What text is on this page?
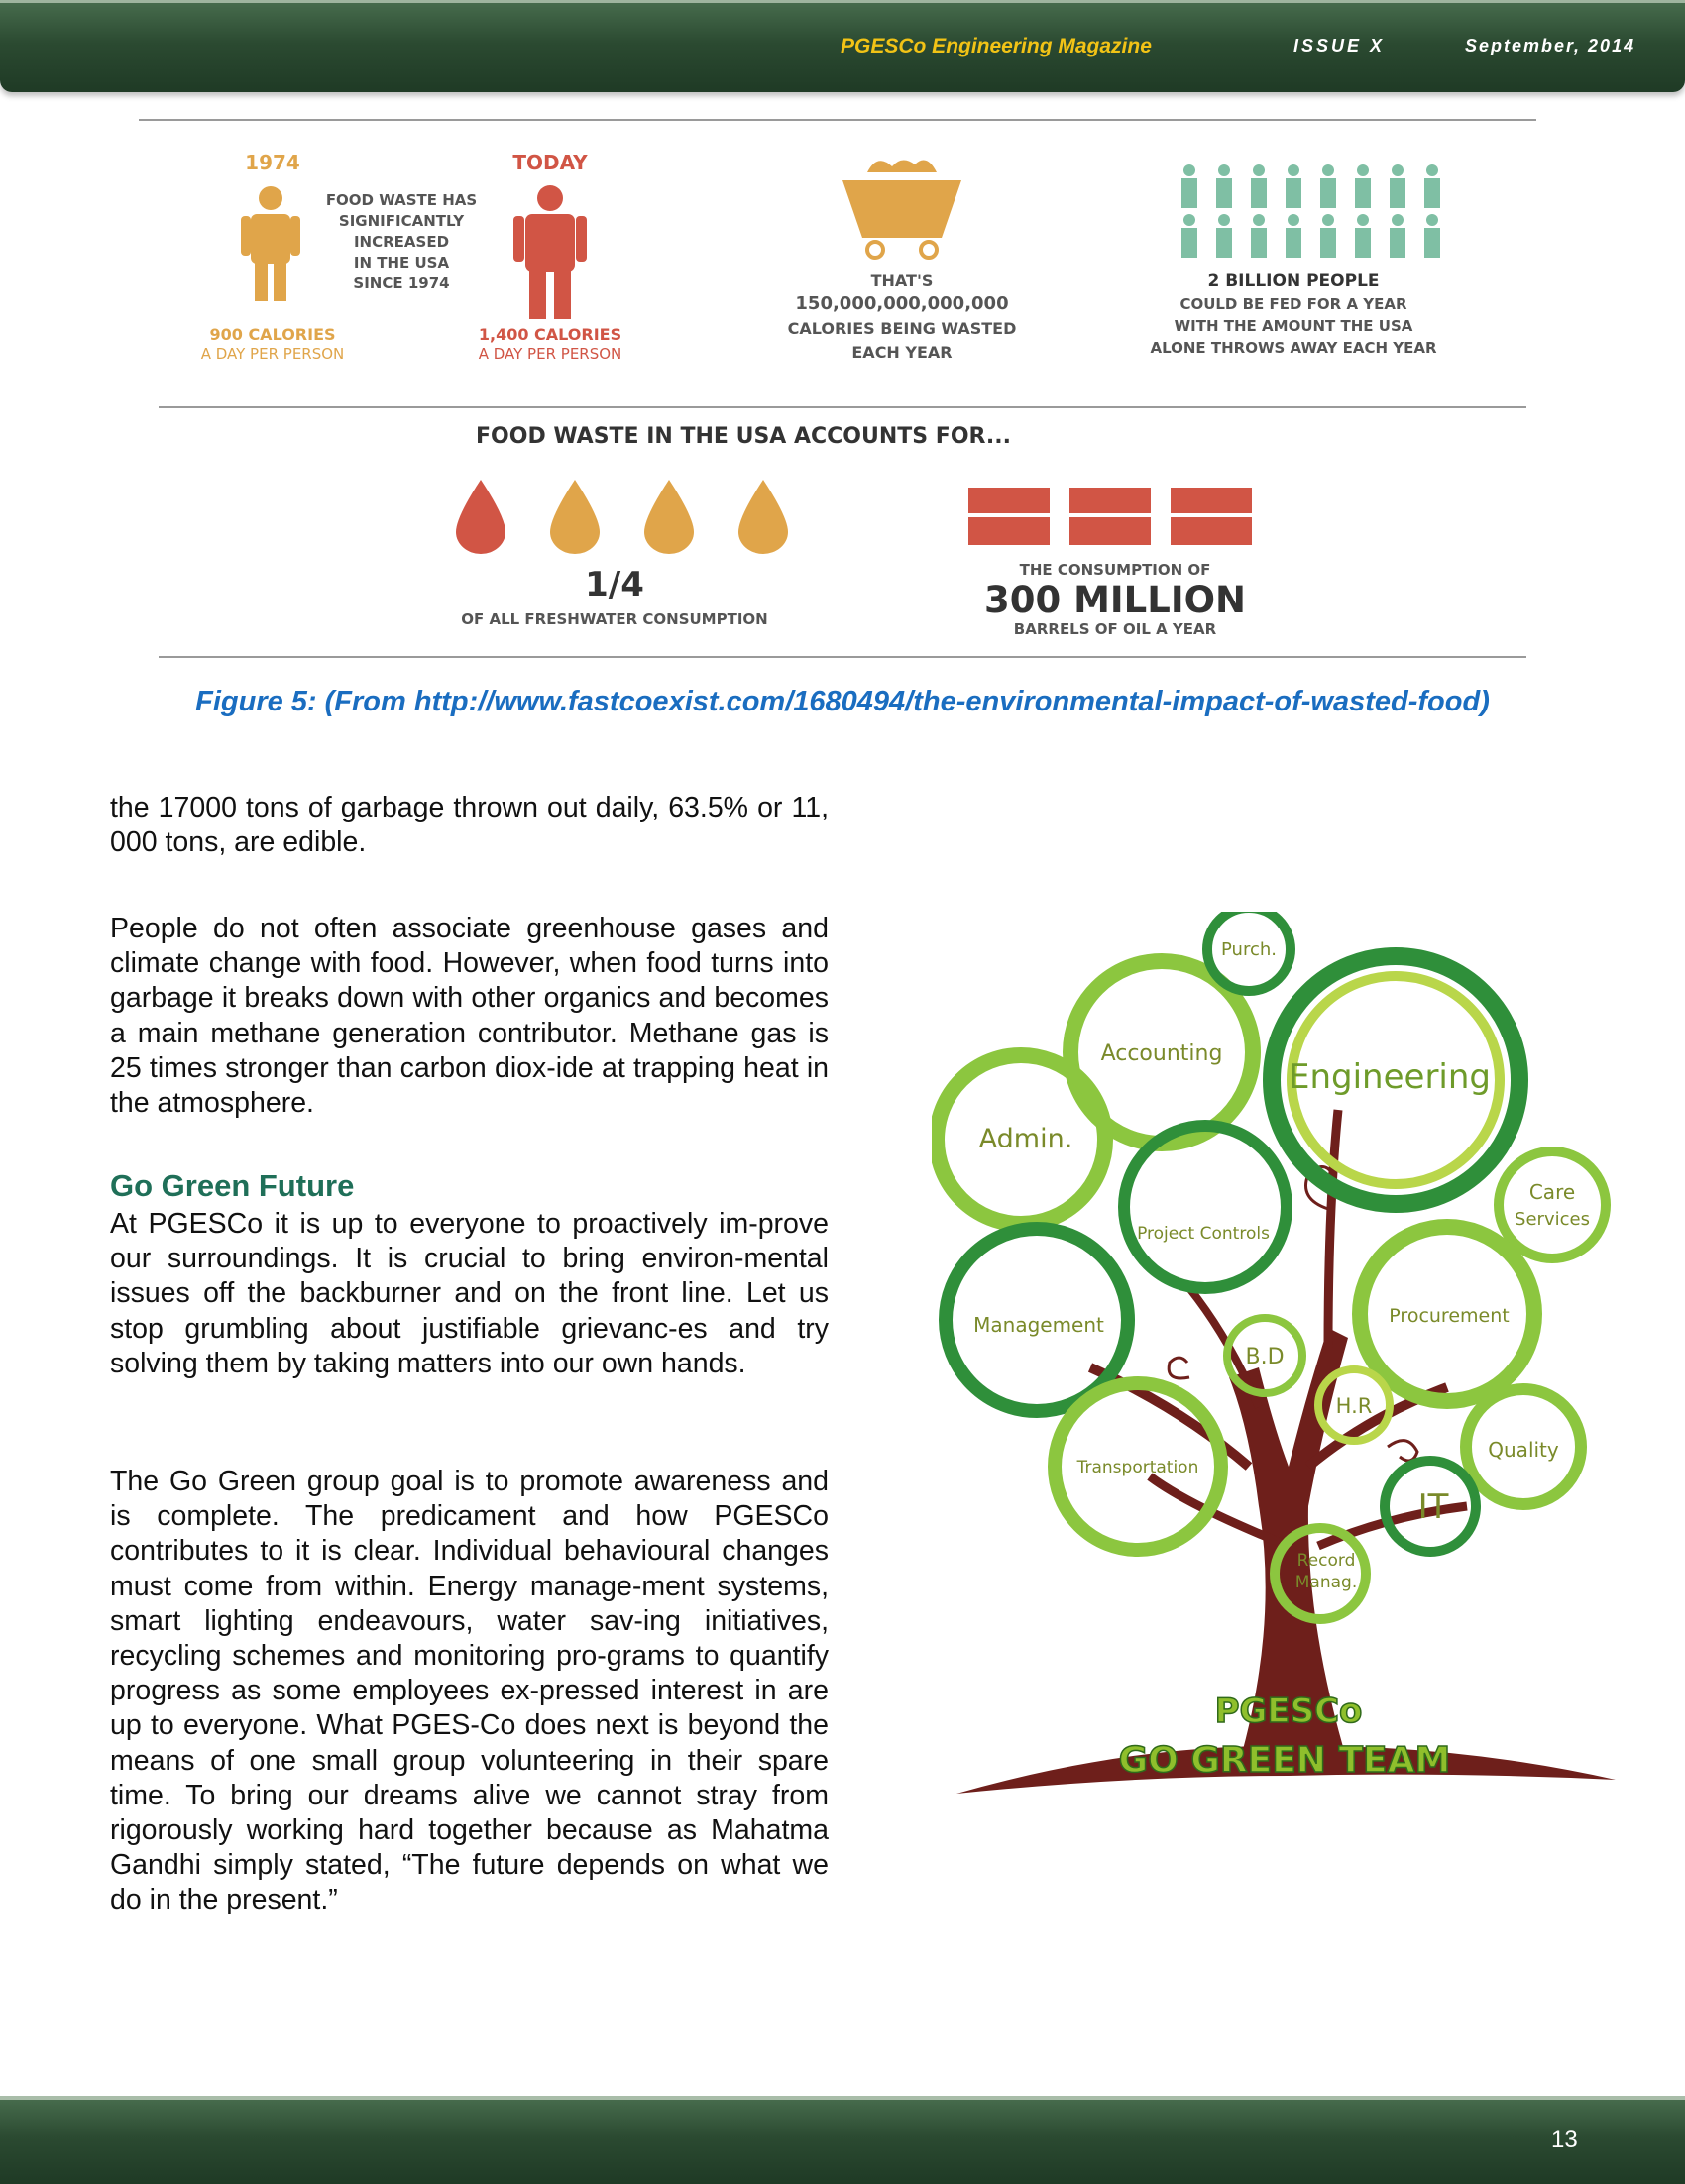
PGESCo Engineering Magazine	ISSUE X	September, 2014
1974
900 CALORIES
A DAY PER PERSON
FOOD WASTE HAS
SIGNIFICANTLY
INCREASED
IN THE USA
SINCE 1974
TODAY
1,400 CALORIES
A DAY PER PERSON
THAT'S
150,000,000,000,000
CALORIES BEING WASTED
EACH YEAR
2 BILLION PEOPLE
COULD BE FED FOR A YEAR
WITH THE AMOUNT THE USA
ALONE THROWS AWAY EACH YEAR
FOOD WASTE IN THE USA ACCOUNTS FOR...
1/4
OF ALL FRESHWATER CONSUMPTION
THE CONSUMPTION OF
300 MILLION
BARRELS OF OIL A YEAR
Figure 5: (From http://www.fastcoexist.com/1680494/the-environmental-impact-of-wasted-food)
the 17000 tons of garbage thrown out daily, 63.5% or 11, 000 tons, are edible.
People do not often associate greenhouse gases and climate change with food. However, when food turns into garbage it breaks down with other organics and becomes a main methane generation contributor. Methane gas is 25 times stronger than carbon diox-ide at trapping heat in the atmosphere.
Go Green Future
At PGESCo it is up to everyone to proactively im-prove our surroundings. It is crucial to bring environ-mental issues off the backburner and on the front line. Let us stop grumbling about justifiable grievanc-es and try solving them by taking matters into our own hands.
The Go Green group goal is to promote awareness and is complete. The predicament and how PGESCo contributes to it is clear. Individual behavioural changes must come from within. Energy manage-ment systems, smart lighting endeavours, water sav-ing initiatives, recycling schemes and monitoring pro-grams to quantify progress as some employees ex-pressed interest in are up to everyone. What PGES-Co does next is beyond the means of one small group volunteering in their spare time. To bring our dreams alive we cannot stray from rigorously working hard together because as Mahatma Gandhi simply stated, “The future depends on what we do in the present.”
Purch.
Accounting
Engineering
Admin.
Care
Services
Project Controls
Management	Procurement
B.D
H.R
Quality
Transportation
IT
Record
Manag.
PGESCo
GO GREEN TEAM
13
